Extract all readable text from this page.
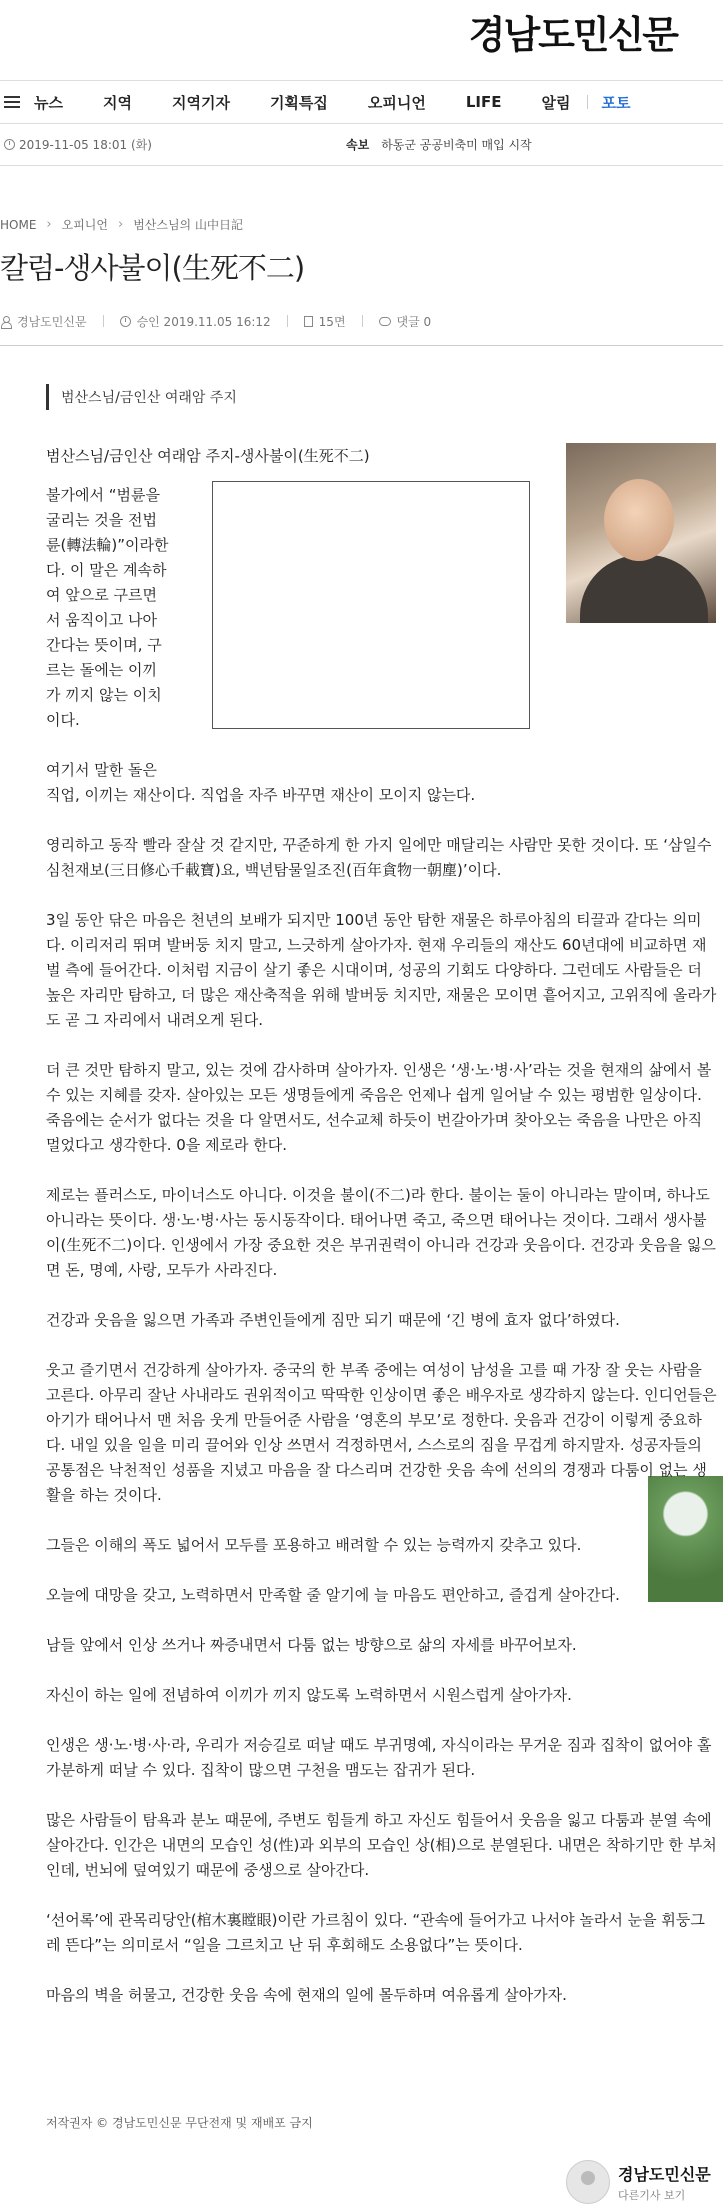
경남도민신문
뉴스	지역	지역기자	기획특집	오피니언	LIFE	알림 포토
2019-11-05 18:01 (화)	속보 하동군 공공비축미 매입 시작
HOME › 오피니언 › 범산스님의 山中日記
칼럼-생사불이(生死不二)
경남도민신문	승인 2019.11.05 16:12	15면	댓글 0
범산스님/금인산 여래암 주지

범산스님/금인산 여래암 주지-생사불이(生死不二)

불가에서 “범륜을
굴리는 것을 전법
륜(轉法輪)”이라한
다. 이 말은 계속하
여 앞으로 구르면
서 움직이고 나아
간다는 뜻이며, 구
르는 돌에는 이끼
가 끼지 않는 이치
이다.

여기서 말한 돌은
직업, 이끼는 재산이다. 직업을 자주 바꾸면 재산이 모이지 않는다.

영리하고 동작 빨라 잘살 것 같지만, 꾸준하게 한 가지 일에만 매달리는 사람만 못한 것이다. 또 ‘삼일수심천재보(三日修心千載寶)요, 백년탐물일조진(百年貪物一朝塵)’이다.

3일 동안 닦은 마음은 천년의 보배가 되지만 100년 동안 탐한 재물은 하루아침의 티끌과 같다는 의미다. 이리저리 뛰며 발버둥 치지 말고, 느긋하게 살아가자. 현재 우리들의 재산도 60년대에 비교하면 재벌 측에 들어간다. 이처럼 지금이 살기 좋은 시대이며, 성공의 기회도 다양하다. 그런데도 사람들은 더 높은 자리만 탐하고, 더 많은 재산축적을 위해 발버둥 치지만, 재물은 모이면 흩어지고, 고위직에 올라가도 곧 그 자리에서 내려오게 된다.

더 큰 것만 탐하지 말고, 있는 것에 감사하며 살아가자. 인생은 ‘생·노·병·사’라는 것을 현재의 삶에서 볼 수 있는 지혜를 갖자. 살아있는 모든 생명들에게 죽음은 언제나 쉽게 일어날 수 있는 평범한 일상이다. 죽음에는 순서가 없다는 것을 다 알면서도, 선수교체 하듯이 번갈아가며 찾아오는 죽음을 나만은 아직 멀었다고 생각한다. 0을 제로라 한다.

제로는 플러스도, 마이너스도 아니다. 이것을 불이(不二)라 한다. 불이는 둘이 아니라는 말이며, 하나도 아니라는 뜻이다. 생·노·병·사는 동시동작이다. 태어나면 죽고, 죽으면 태어나는 것이다. 그래서 생사불이(生死不二)이다. 인생에서 가장 중요한 것은 부귀권력이 아니라 건강과 웃음이다. 건강과 웃음을 잃으면 돈, 명예, 사랑, 모두가 사라진다.

건강과 웃음을 잃으면 가족과 주변인들에게 짐만 되기 때문에 ‘긴 병에 효자 없다’하였다.

웃고 즐기면서 건강하게 살아가자. 중국의 한 부족 중에는 여성이 남성을 고를 때 가장 잘 웃는 사람을 고른다. 아무리 잘난 사내라도 권위적이고 딱딱한 인상이면 좋은 배우자로 생각하지 않는다. 인디언들은 아기가 태어나서 맨 처음 웃게 만들어준 사람을 ‘영혼의 부모’로 정한다. 웃음과 건강이 이렇게 중요하다. 내일 있을 일을 미리 끌어와 인상 쓰면서 걱정하면서, 스스로의 짐을 무겁게 하지말자. 성공자들의 공통점은 낙천적인 성품을 지녔고 마음을 잘 다스리며 건강한 웃음 속에 선의의 경쟁과 다툼이 없는 생활을 하는 것이다.

그들은 이해의 폭도 넓어서 모두를 포용하고 배려할 수 있는 능력까지 갖추고 있다.

오늘에 대망을 갖고, 노력하면서 만족할 줄 알기에 늘 마음도 편안하고, 즐겁게 살아간다.

남들 앞에서 인상 쓰거나 짜증내면서 다툼 없는 방향으로 삶의 자세를 바꾸어보자.

자신이 하는 일에 전념하여 이끼가 끼지 않도록 노력하면서 시원스럽게 살아가자.

인생은 생·노·병·사·라, 우리가 저승길로 떠날 때도 부귀명예, 자식이라는 무거운 짐과 집착이 없어야 홀가분하게 떠날 수 있다. 집착이 많으면 구천을 맴도는 잡귀가 된다.

많은 사람들이 탐욕과 분노 때문에, 주변도 힘들게 하고 자신도 힘들어서 웃음을 잃고 다툼과 분열 속에 살아간다. 인간은 내면의 모습인 성(性)과 외부의 모습인 상(相)으로 분열된다. 내면은 착하기만 한 부처인데, 번뇌에 덮여있기 때문에 중생으로 살아간다.

‘선어록’에 관목리당안(棺木裏瞠眼)이란 가르침이 있다. “관속에 들어가고 나서야 놀라서 눈을 휘둥그레 뜬다”는 의미로서 “일을 그르치고 난 뒤 후회해도 소용없다”는 뜻이다.

마음의 벽을 허물고, 건강한 웃음 속에 현재의 일에 몰두하며 여유롭게 살아가자.

저작권자 © 경남도민신문 무단전재 및 재배포 금지
경남도민신문
다른기사 보기
